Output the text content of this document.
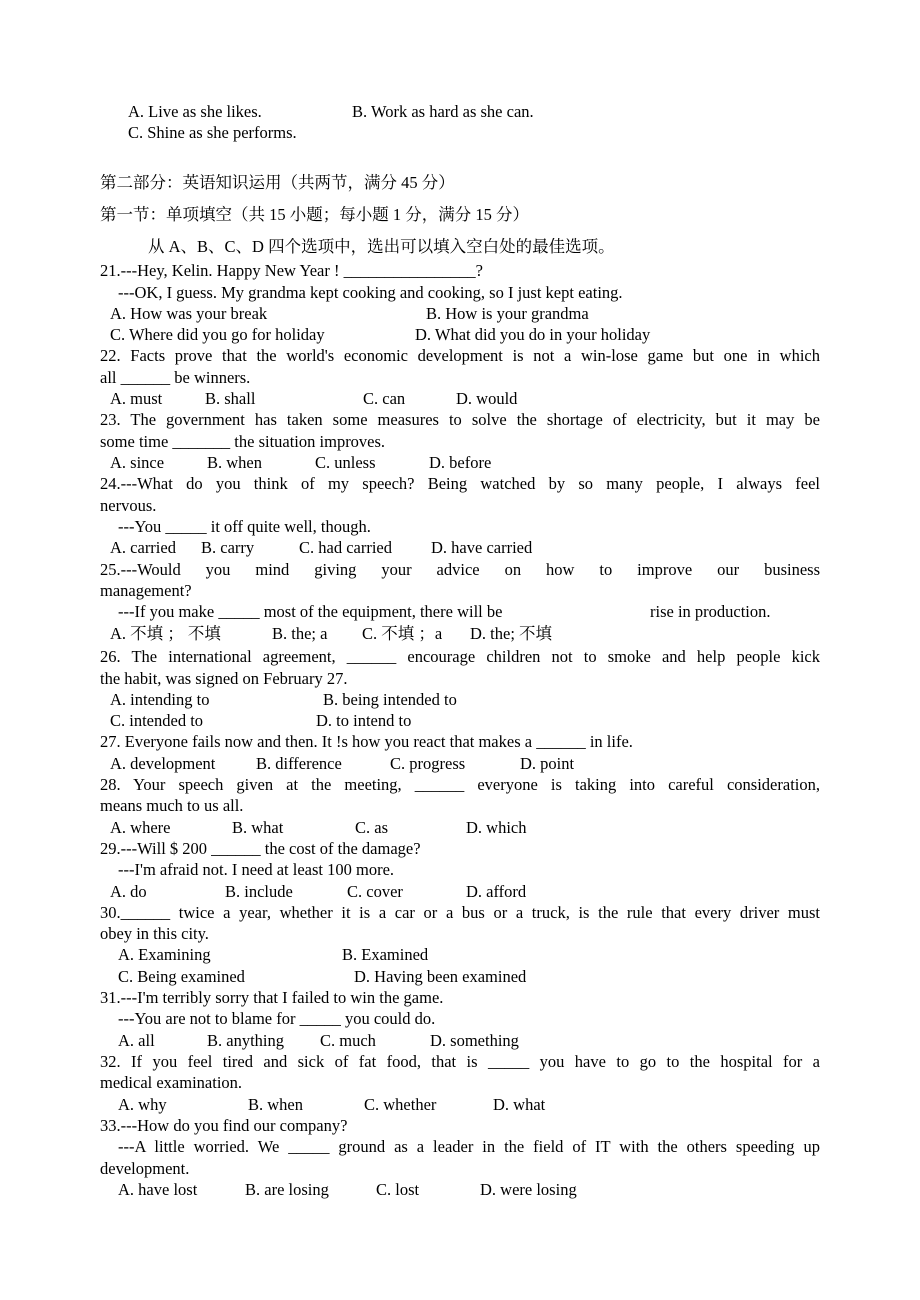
A. Live as she likes.	B. Work as hard as she can.
C. Shine as she performs.
第二部分：英语知识运用（共两节，满分 45 分）
第一节：单项填空（共 15 小题；每小题 1 分，满分 15 分）
从 A、B、C、D 四个选项中，选出可以填入空白处的最佳选项。
21.---Hey, Kelin. Happy New Year ! ________________?
---OK, I guess. My grandma kept cooking and cooking, so I just kept eating.
A. How was your break	B. How is your grandma
C. Where did you go for holiday	D. What did you do in your holiday
22. Facts prove that the world's economic development is not a win-lose game but one in which
all ______ be winners.
A. must	B. shall	C. can	D. would
23. The government has taken some measures to solve the shortage of electricity, but it may be
some time _______ the situation improves.
A. since	B. when	C. unless	D. before
24.---What do you think of my speech? Being watched by so many people, I always feel
nervous.
---You _____ it off quite well, though.
A. carried B. carry	C. had carried D. have carried
25.---Would you mind giving your advice on how to improve our business
management?
---If you make _____ most of the equipment, there will be	rise in production.
A. 不填 ； 不填	B. the; a C. 不填 ；a D. the; 不填
26. The international agreement, ______ encourage children not to smoke and help people kick
the habit, was signed on February 27.
A. intending to	B. being intended to
C. intended to	D. to intend to
27. Everyone fails now and then. It !s how you react that makes a ______ in life.
A. development B. difference	C. progress	D. point
28. Your speech given at the meeting, ______ everyone is taking into careful consideration,
means much to us all.
A. where	B. what	C. as	D. which
29.---Will $ 200 ______ the cost of the damage?
---I'm afraid not. I need at least 100 more.
A. do	B. include	C. cover	D. afford
30.______ twice a year, whether it is a car or a bus or a truck, is the rule that every driver must
obey in this city.
A. Examining	B. Examined
C. Being examined	D. Having been examined
31.---I'm terribly sorry that I failed to win the game.
---You are not to blame for _____ you could do.
A. all	B. anything C. much	D. something
32. If you feel tired and sick of fat food, that is _____ you have to go to the hospital for a
medical examination.
A. why	B. when	C. whether	D. what
33.---How do you find our company?
---A little worried. We _____ ground as a leader in the field of IT with the others speeding up
development.
A. have lost	B. are losing	C. lost	D. were losing
